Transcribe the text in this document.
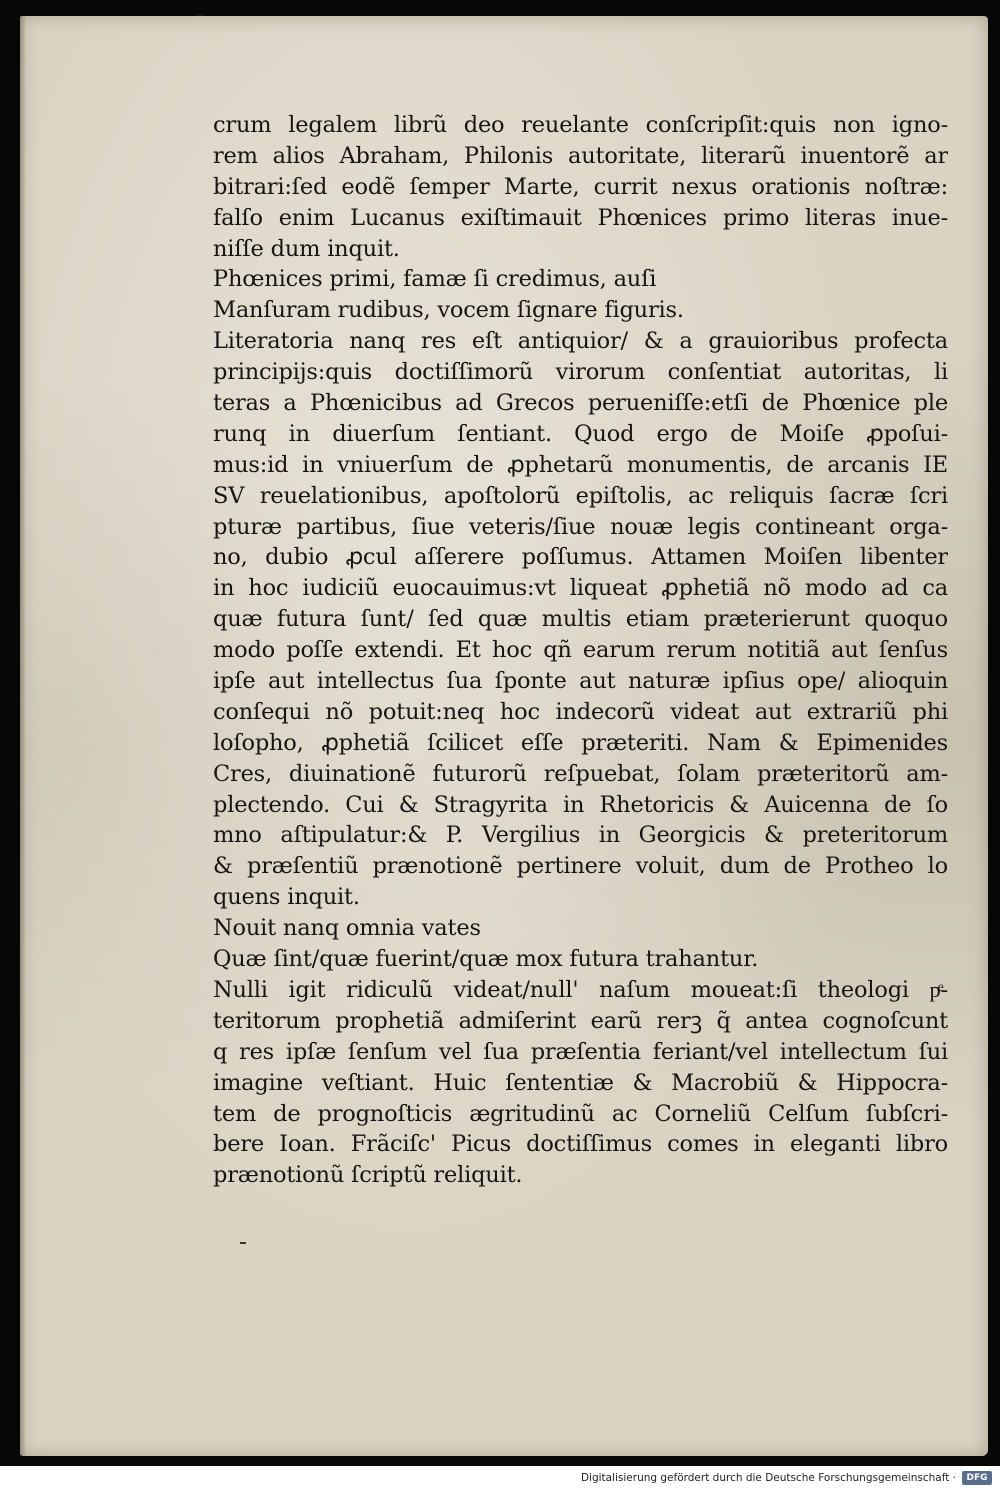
crum legalem librũ deo reuelante conſcripſit:quis non igno-
rem alios Abraham, Philonis autoritate, literarũ inuentorẽ ar
bitrari:ſed eodẽ ſemper Marte, currit nexus orationis noſtræ:
falſo enim Lucanus exiſtimauit Phœnices primo literas inue-
niſſe dum inquit.
Phœnices primi, famæ ſi credimus, auſi
Manſuram rudibus, vocem ſignare figuris.
Literatoria nanq res eſt antiquior/ & a grauioribus profecta
principijs:quis doctiſſimorũ virorum conſentiat autoritas, li
teras a Phœnicibus ad Grecos perueniſſe:etſi de Phœnice ple
runq in diuerſum ſentiant. Quod ergo de Moiſe ꝓpoſui-
mus:id in vniuerſum de ꝓphetarũ monumentis, de arcanis IE
SV reuelationibus, apoſtolorũ epiſtolis, ac reliquis ſacræ ſcri
pturæ partibus, ſiue veteris/ſiue nouæ legis contineant orga-
no, dubio ꝓcul aſſerere poſſumus. Attamen Moiſen libenter
in hoc iudiciũ euocauimus:vt liqueat ꝓphetiã nõ modo ad ca
quæ futura ſunt/ ſed quæ multis etiam præterierunt quoquo
modo poſſe extendi. Et hoc qñ earum rerum notitiã aut ſenſus
ipſe aut intellectus ſua ſponte aut naturæ ipſius ope/ alioquin
conſequi nõ potuit:neq hoc indecorũ videat aut extrariũ phi
loſopho, ꝓphetiã ſcilicet eſſe præteriti. Nam & Epimenides
Cres, diuinationẽ futurorũ reſpuebat, ſolam præteritorũ am-
plectendo. Cui & Stragyrita in Rhetoricis & Auicenna de ſo
mno aſtipulatur:& P. Vergilius in Georgicis & preteritorum
& præſentiũ prænotionẽ pertinere voluit, dum de Protheo lo
quens inquit.
Nouit nanq omnia vates
Quæ ſint/quæ fuerint/quæ mox futura trahantur.
Nulli igit ridiculũ videat/null' naſum moueat:ſi theologi pͤ-
teritorum prophetiã admiſerint earũ rerꝫ q̃ antea cognoſcunt
q res ipſæ ſenſum vel ſua præſentia feriant/vel intellectum ſui
imagine veſtiant. Huic ſententiæ & Macrobiũ & Hippocra-
tem de prognoſticis ægritudinũ ac Corneliũ Celſum ſubſcri-
bere Ioan. Frãciſc' Picus doctiſſimus comes in eleganti libro
prænotionũ ſcriptũ reliquit.
Digitalisierung gefördert durch die Deutsche Forschungsgemeinschaft ·	DFG
